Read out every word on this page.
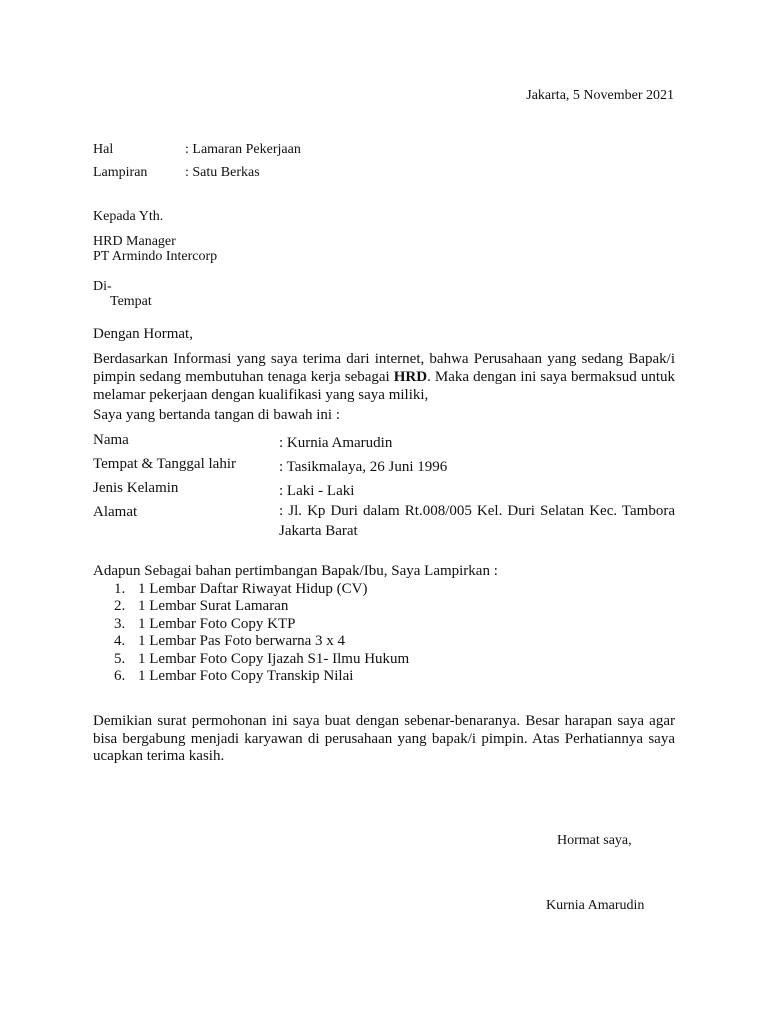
Jakarta, 5 November 2021
Hal	: Lamaran Pekerjaan
Lampiran	: Satu Berkas
Kepada Yth.
HRD Manager
PT Armindo Intercorp
Di-
Tempat
Dengan Hormat,
Berdasarkan Informasi yang saya terima dari internet, bahwa Perusahaan yang sedang Bapak/i pimpin sedang membutuhan tenaga kerja sebagai HRD. Maka dengan ini saya bermaksud untuk melamar pekerjaan dengan kualifikasi yang saya miliki,
Saya yang bertanda tangan di bawah ini :
Nama	: Kurnia Amarudin
Tempat & Tanggal lahir	: Tasikmalaya, 26 Juni 1996
Jenis Kelamin	: Laki - Laki
Alamat	: Jl. Kp Duri dalam Rt.008/005 Kel. Duri Selatan Kec. Tambora Jakarta Barat
Adapun Sebagai bahan pertimbangan Bapak/Ibu, Saya Lampirkan :
1. 1 Lembar Daftar Riwayat Hidup (CV)
2. 1 Lembar Surat Lamaran
3. 1 Lembar Foto Copy KTP
4. 1 Lembar Pas Foto berwarna 3 x 4
5. 1 Lembar Foto Copy Ijazah S1- Ilmu Hukum
6. 1 Lembar Foto Copy Transkip Nilai
Demikian surat permohonan ini saya buat dengan sebenar-benaranya. Besar harapan saya agar bisa bergabung menjadi karyawan di perusahaan yang bapak/i pimpin. Atas Perhatiannya saya ucapkan terima kasih.
Hormat saya,
Kurnia Amarudin
